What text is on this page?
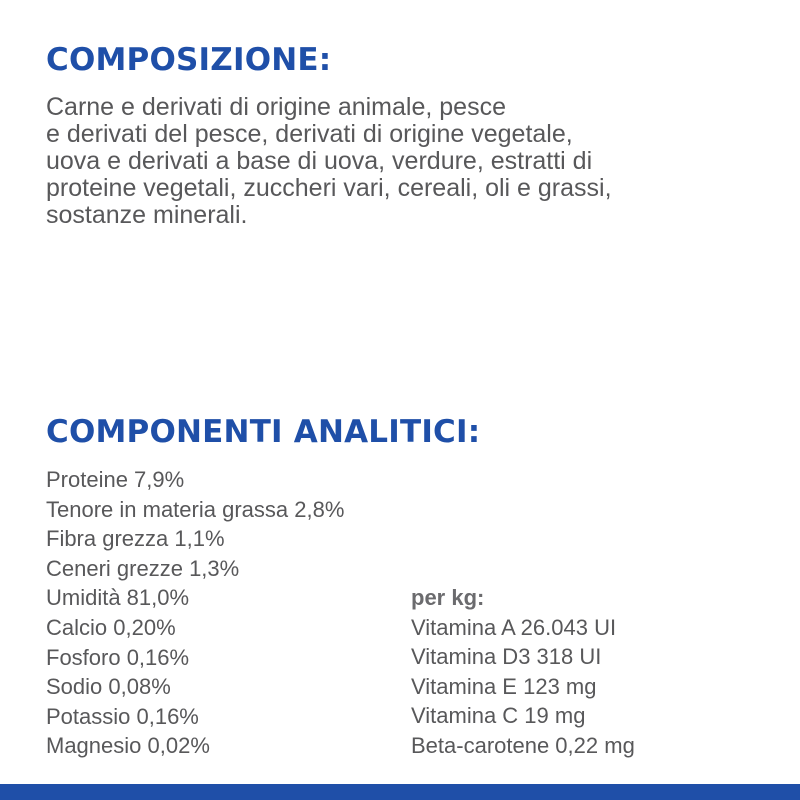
COMPOSIZIONE:
Carne e derivati di origine animale, pesce
e derivati del pesce, derivati di origine vegetale,
uova e derivati a base di uova, verdure, estratti di
proteine vegetali, zuccheri vari, cereali, oli e grassi,
sostanze minerali.
COMPONENTI ANALITICI:
Proteine 7,9%
Tenore in materia grassa 2,8%
Fibra grezza 1,1%
Ceneri grezze 1,3%
Umidità 81,0%
Calcio 0,20%
Fosforo 0,16%
Sodio 0,08%
Potassio 0,16%
Magnesio 0,02%
per kg:
Vitamina A 26.043 UI
Vitamina D3 318 UI
Vitamina E 123 mg
Vitamina C 19 mg
Beta-carotene 0,22 mg
